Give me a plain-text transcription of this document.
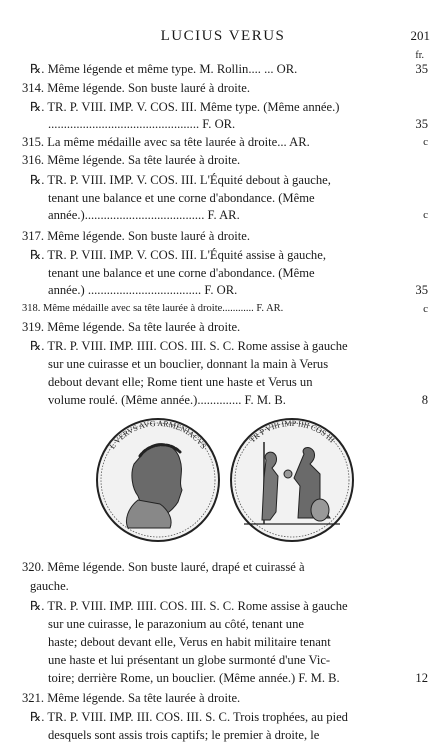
LUCIUS VERUS	201
fr.
℞. Même légende et même type. M. Rollin.... ... OR.	35
314. Même légende. Son buste lauré à droite.
℞. TR. P. VIII. IMP. V. COS. III. Même type. (Même année.)
................................................ F. OR.	35
315. La même médaille avec sa tête laurée à droite... AR.	c
316. Même légende. Sa tête laurée à droite.
℞. TR. P. VIII. IMP. V. COS. III. L'Équité debout à gauche,
tenant une balance et une corne d'abondance. (Même
année.)...................................... F. AR.	c
317. Même légende. Son buste lauré à droite.
℞. TR. P. VIII. IMP. V. COS. III. L'Équité assise à gauche,
tenant une balance et une corne d'abondance. (Même
année.) .................................... F. OR.	35
318. Même médaille avec sa tête laurée à droite............ F. AR.	c
319. Même légende. Sa tête laurée à droite.
℞. TR. P. VIII. IMP. IIII. COS. III. S. C. Rome assise à gauche
sur une cuirasse et un bouclier, donnant la main à Verus
debout devant elle; Rome tient une haste et Verus un
volume roulé. (Même année.).............. F. M. B.	8
L VERVS AVG ARMENIACVS
TR P VIII IMP IIII COS III
320. Même légende. Son buste lauré, drapé et cuirassé à
gauche.
℞. TR. P. VIII. IMP. IIII. COS. III. S. C. Rome assise à gauche
sur une cuirasse, le parazonium au côté, tenant une
haste; debout devant elle, Verus en habit militaire tenant
une haste et lui présentant un globe surmonté d'une Vic-
toire; derrière Rome, un bouclier. (Même année.) F. M. B.	12
321. Même légende. Sa tête laurée à droite.
℞. TR. P. VIII. IMP. III. COS. III. S. C. Trois trophées, au pied
desquels sont assis trois captifs; le premier à droite, le
